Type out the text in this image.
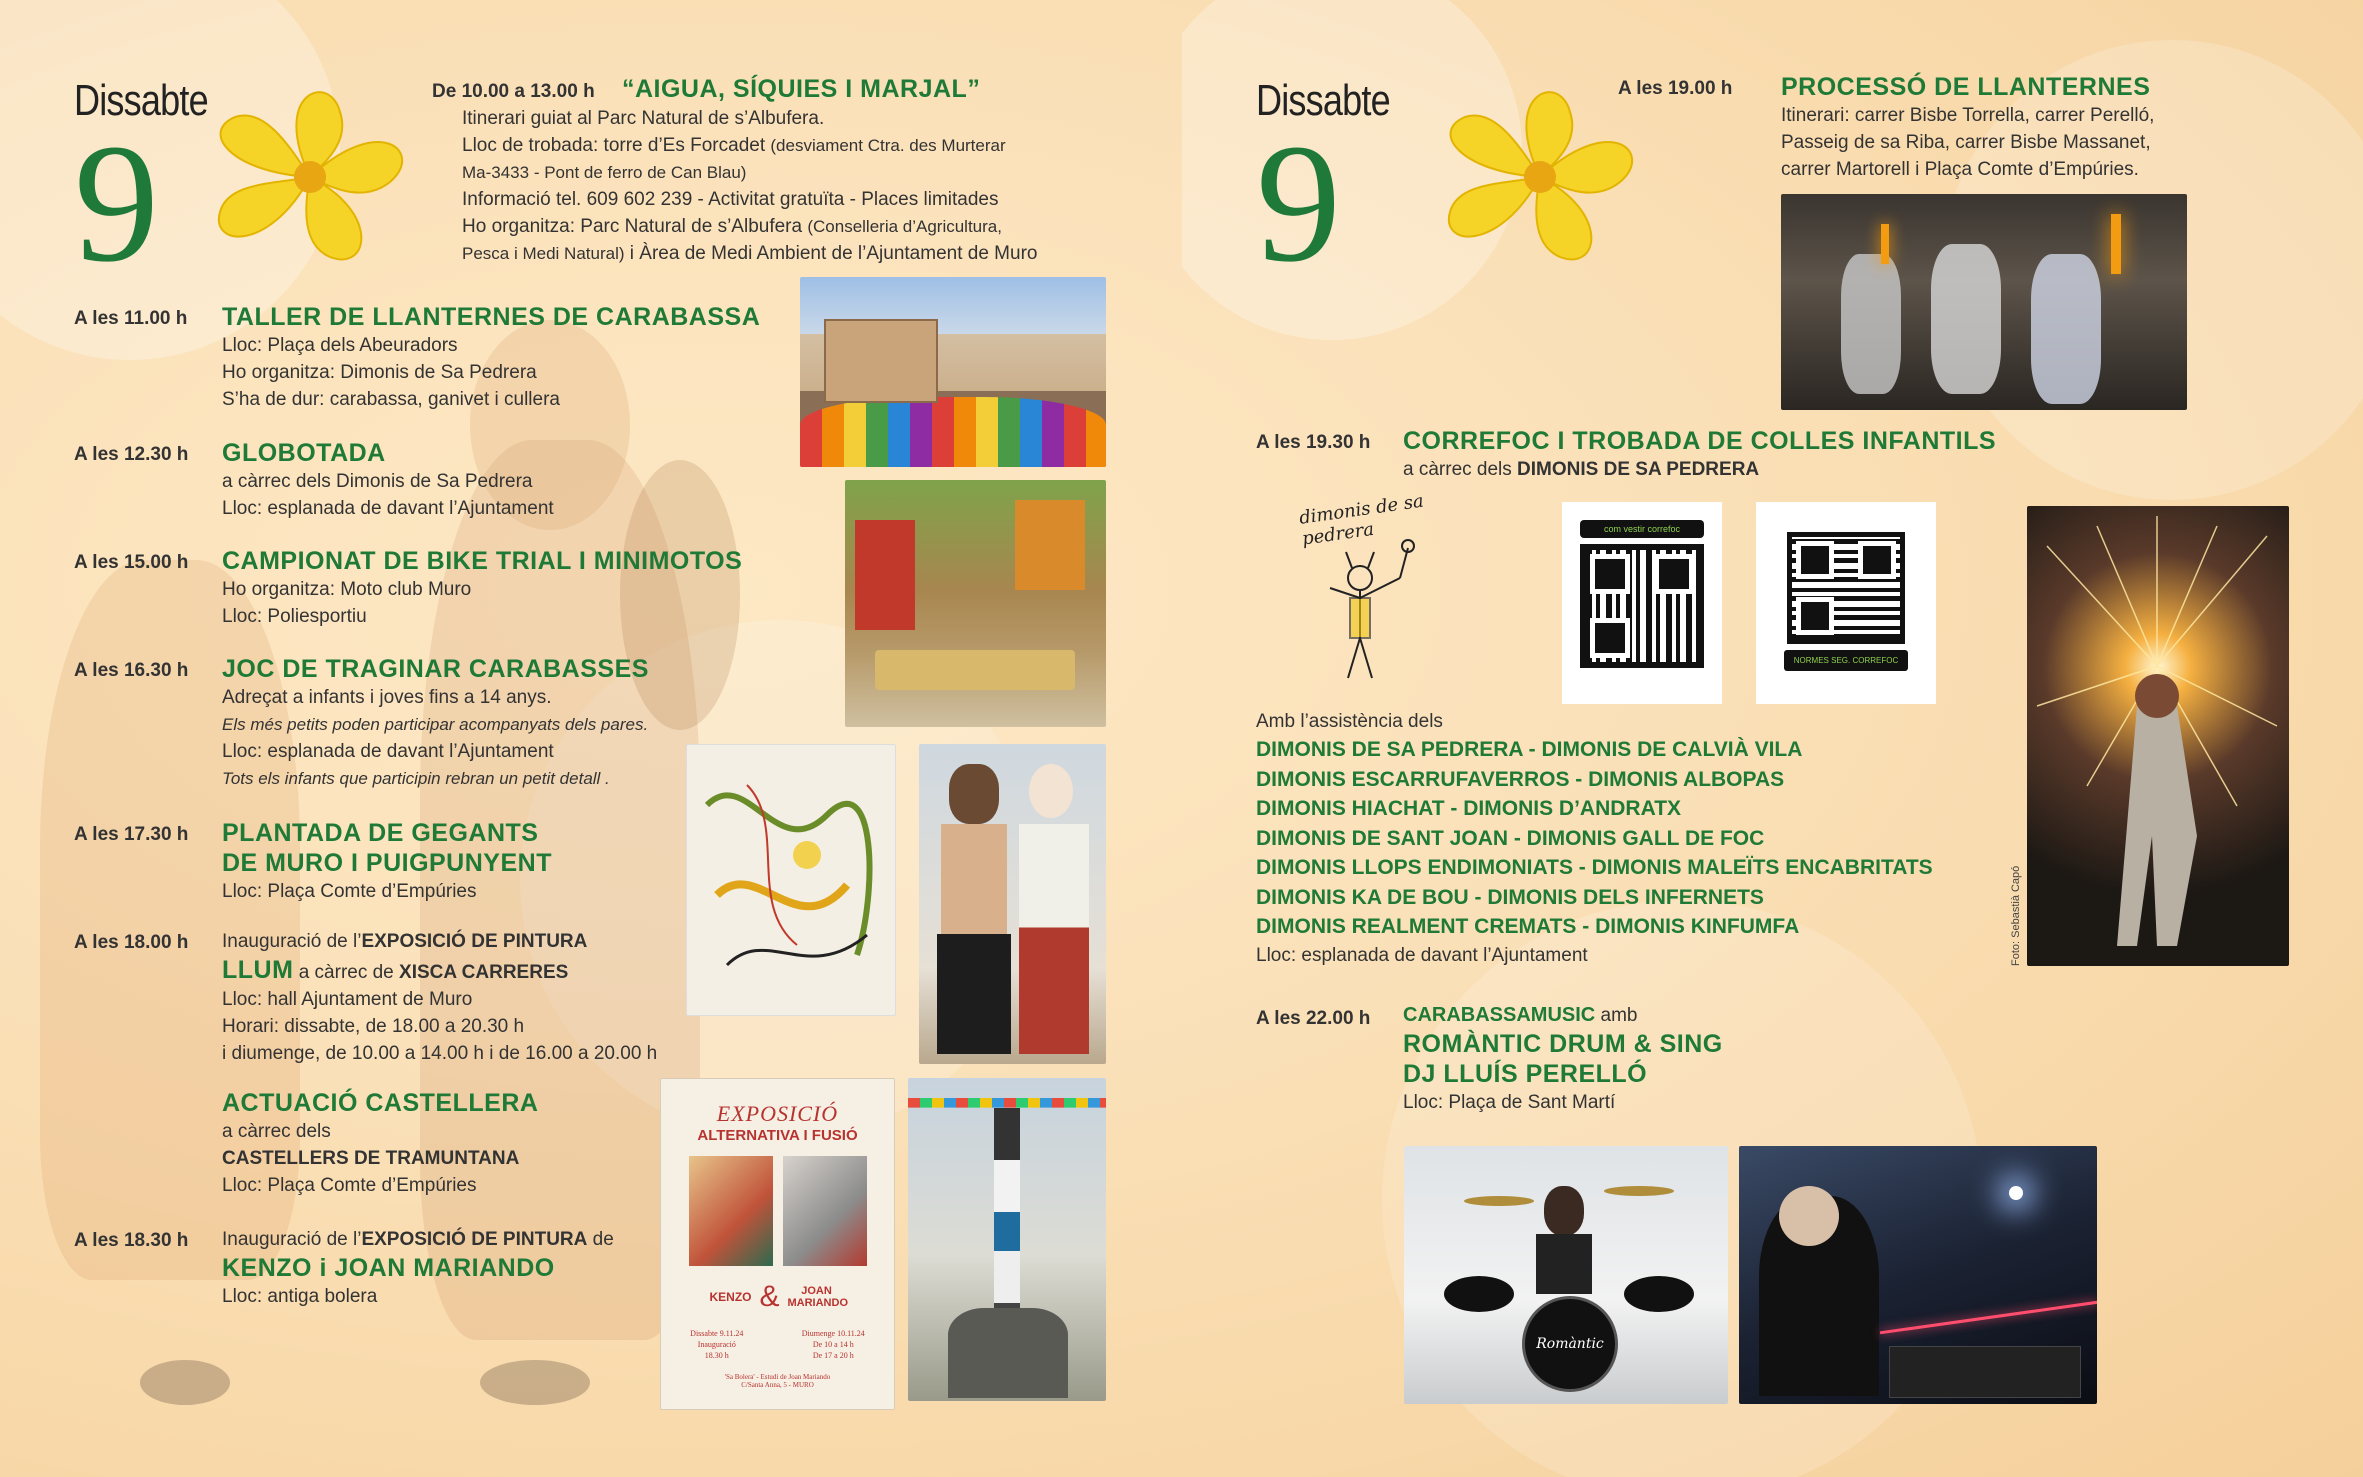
Dissabte
9
De 10.00 a 13.00 h “AIGUA, SÍQUIES I MARJAL”
Itinerari guiat al Parc Natural de s’Albufera.
Lloc de trobada: torre d’Es Forcadet (desviament Ctra. des Murterar
Ma-3433 - Pont de ferro de Can Blau)
Informació tel. 609 602 239 - Activitat gratuïta - Places limitades
Ho organitza: Parc Natural de s’Albufera (Conselleria d’Agricultura,
Pesca i Medi Natural) i Àrea de Medi Ambient de l’Ajuntament de Muro
A les 11.00 h TALLER DE LLANTERNES DE CARABASSA
Lloc: Plaça dels Abeuradors
Ho organitza: Dimonis de Sa Pedrera
S’ha de dur: carabassa, ganivet i cullera
A les 12.30 h GLOBOTADA
a càrrec dels Dimonis de Sa Pedrera
Lloc: esplanada de davant l’Ajuntament
A les 15.00 h CAMPIONAT DE BIKE TRIAL I MINIMOTOS
Ho organitza: Moto club Muro
Lloc: Poliesportiu
A les 16.30 h JOC DE TRAGINAR CARABASSES
Adreçat a infants i joves fins a 14 anys.
Els més petits poden participar acompanyats dels pares.
Lloc: esplanada de davant l’Ajuntament
Tots els infants que participin rebran un petit detall .
A les 17.30 h PLANTADA DE GEGANTS
DE MURO I PUIGPUNYENT
Lloc: Plaça Comte d’Empúries
A les 18.00 h Inauguració de l’EXPOSICIÓ DE PINTURA
LLUM a càrrec de XISCA CARRERES
Lloc: hall Ajuntament de Muro
Horari: dissabte, de 18.00 a 20.30 h
i diumenge, de 10.00 a 14.00 h i de 16.00 a 20.00 h
ACTUACIÓ CASTELLERA
a càrrec dels
CASTELLERS DE TRAMUNTANA
Lloc: Plaça Comte d’Empúries
A les 18.30 h Inauguració de l’EXPOSICIÓ DE PINTURA de
KENZO i JOAN MARIANDO
Lloc: antiga bolera
EXPOSICIÓ
ALTERNATIVA I FUSIÓ
KENZO &	JOAN MARIANDO
Dissabte 9.11.24
Inauguració
18.30 h
Diumenge 10.11.24
De 10 a 14 h
De 17 a 20 h
'Sa Bolera' - Estudi de Joan Mariando
C/Santa Anna, 5 - MURO
Dissabte
9
A les 19.00 h PROCESSÓ DE LLANTERNES
Itinerari: carrer Bisbe Torrella, carrer Perelló,
Passeig de sa Riba, carrer Bisbe Massanet,
carrer Martorell i Plaça Comte d’Empúries.
A les 19.30 h CORREFOC I TROBADA DE COLLES INFANTILS
a càrrec dels DIMONIS DE SA PEDRERA
dimonis de sa pedrera	com vestir correfoc
NORMES SEG. CORREFOC
Amb l’assistència dels
DIMONIS DE SA PEDRERA - DIMONIS DE CALVIÀ VILA
DIMONIS ESCARRUFAVERROS - DIMONIS ALBOPAS
DIMONIS HIACHAT - DIMONIS D’ANDRATX
DIMONIS DE SANT JOAN - DIMONIS GALL DE FOC
DIMONIS LLOPS ENDIMONIATS - DIMONIS MALEÏTS ENCABRITATS
DIMONIS KA DE BOU - DIMONIS DELS INFERNETS
DIMONIS REALMENT CREMATS - DIMONIS KINFUMFA
Lloc: esplanada de davant l’Ajuntament	Foto: Sebastià Capó
A les 22.00 h CARABASSAMUSIC amb
ROMÀNTIC DRUM & SING
DJ LLUÍS PERELLÓ
Lloc: Plaça de Sant Martí
Romàntic
